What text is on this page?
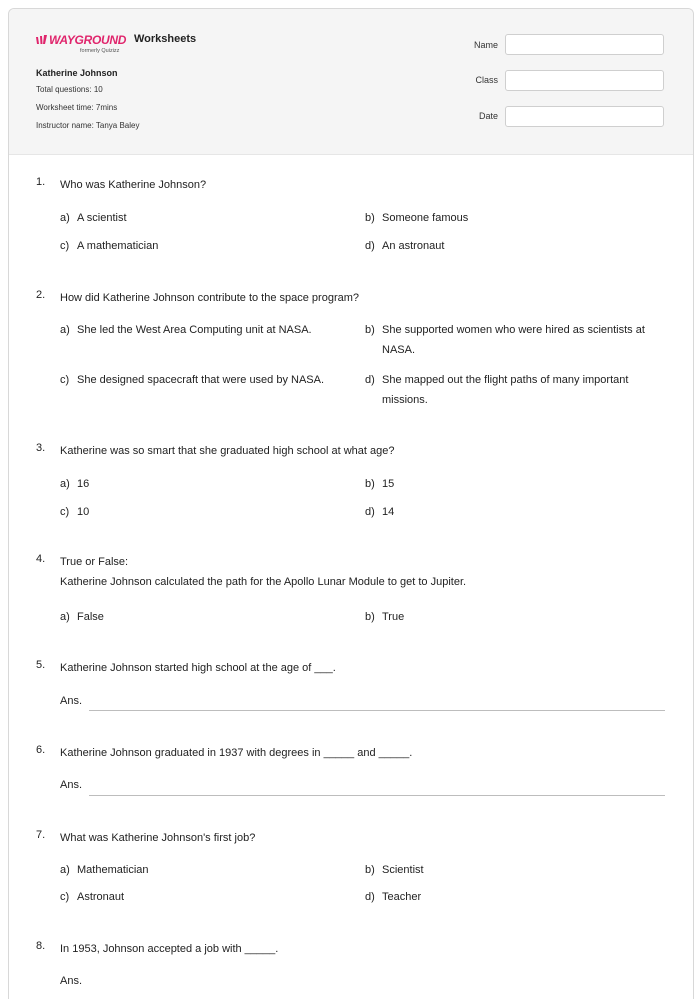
WAYGROUND
formerly Quizizz
Worksheets
Katherine Johnson
Total questions: 10
Worksheet time: 7mins
Instructor name: Tanya Baley
Name
Class
Date
1.	Who was Katherine Johnson?
a) A scientist	b) Someone famous
c) A mathematician	d) An astronaut
2.	How did Katherine Johnson contribute to the space program?
a) She led the West Area Computing unit at NASA.	b) She supported women who were hired as scientists at NASA.
c) She designed spacecraft that were used by NASA.	d) She mapped out the flight paths of many important missions.
3.	Katherine was so smart that she graduated high school at what age?
a) 16	b) 15
c) 10	d) 14
4.	True or False:
Katherine Johnson calculated the path for the Apollo Lunar Module to get to Jupiter.
a) False	b) True
5.	Katherine Johnson started high school at the age of ___.
Ans.
6.	Katherine Johnson graduated in 1937 with degrees in _____ and _____.
Ans.
7.	What was Katherine Johnson's first job?
a) Mathematician	b) Scientist
c) Astronaut	d) Teacher
8.	In 1953, Johnson accepted a job with _____.
Ans.
